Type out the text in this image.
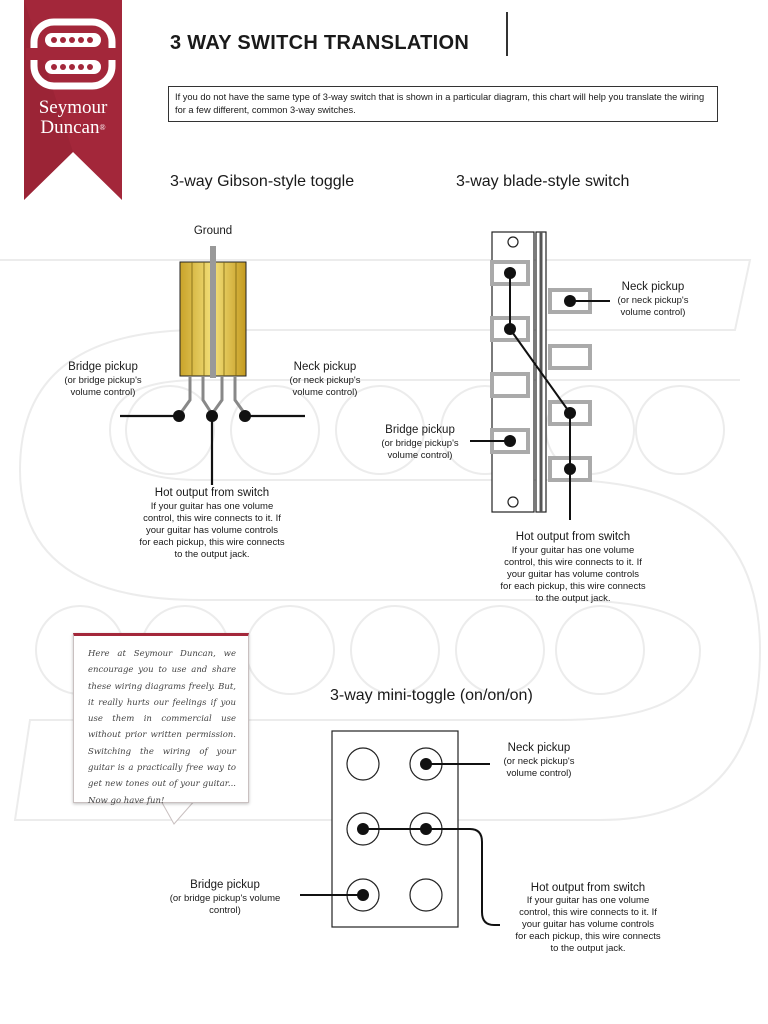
Seymour
Duncan®
3 WAY SWITCH TRANSLATION
If you do not have the same type of 3-way switch that is shown in a particular diagram, this chart will help you translate the wiring for a few different, common 3-way switches.
3-way Gibson-style toggle
Ground
Bridge pickup
(or bridge pickup's
volume control)
Neck pickup
(or neck pickup's
volume control)
Hot output from switch
If your guitar has one volume
control, this wire connects to it. If
your guitar has volume controls
for each pickup, this wire connects
to the output jack.
3-way blade-style switch
Neck pickup
(or neck pickup's
volume control)
Bridge pickup
(or bridge pickup's
volume control)
Hot output from switch
If your guitar has one volume
control, this wire connects to it. If
your guitar has volume controls
for each pickup, this wire connects
to the output jack.
Here at Seymour Duncan, we encourage you to use and share these wiring diagrams freely. But, it really hurts our feelings if you use them in commercial use without prior written permission. Switching the wiring of your guitar is a practically free way to get new tones out of your guitar... Now go have fun!
3-way mini-toggle (on/on/on)
Neck pickup
(or neck pickup's
volume control)
Bridge pickup
(or bridge pickup's volume
control)
Hot output from switch
If your guitar has one volume
control, this wire connects to it. If
your guitar has volume controls
for each pickup, this wire connects
to the output jack.
